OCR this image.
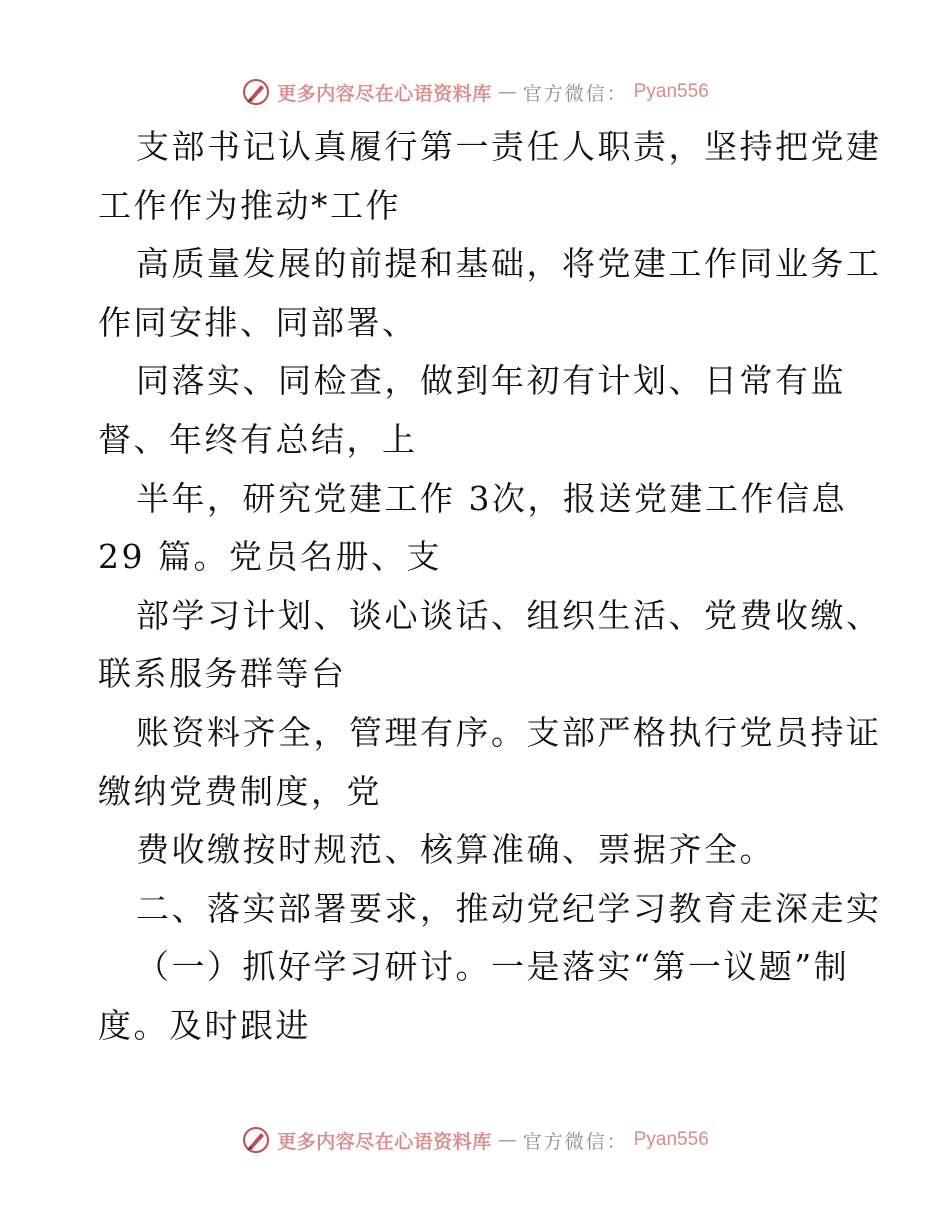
更多内容尽在心语资料库 — 官方微信： Pyan556
支部书记认真履行第一责任人职责，坚持把党建
工作作为推动*工作
高质量发展的前提和基础，将党建工作同业务工
作同安排、同部署、
同落实、同检查，做到年初有计划、日常有监
督、年终有总结，上
半年，研究党建工作 3次，报送党建工作信息
29 篇。党员名册、支
部学习计划、谈心谈话、组织生活、党费收缴、
联系服务群等台
账资料齐全，管理有序。支部严格执行党员持证
缴纳党费制度，党
费收缴按时规范、核算准确、票据齐全。
二、落实部署要求，推动党纪学习教育走深走实
（一）抓好学习研讨。一是落实“第一议题”制
度。及时跟进
更多内容尽在心语资料库 — 官方微信： Pyan556
